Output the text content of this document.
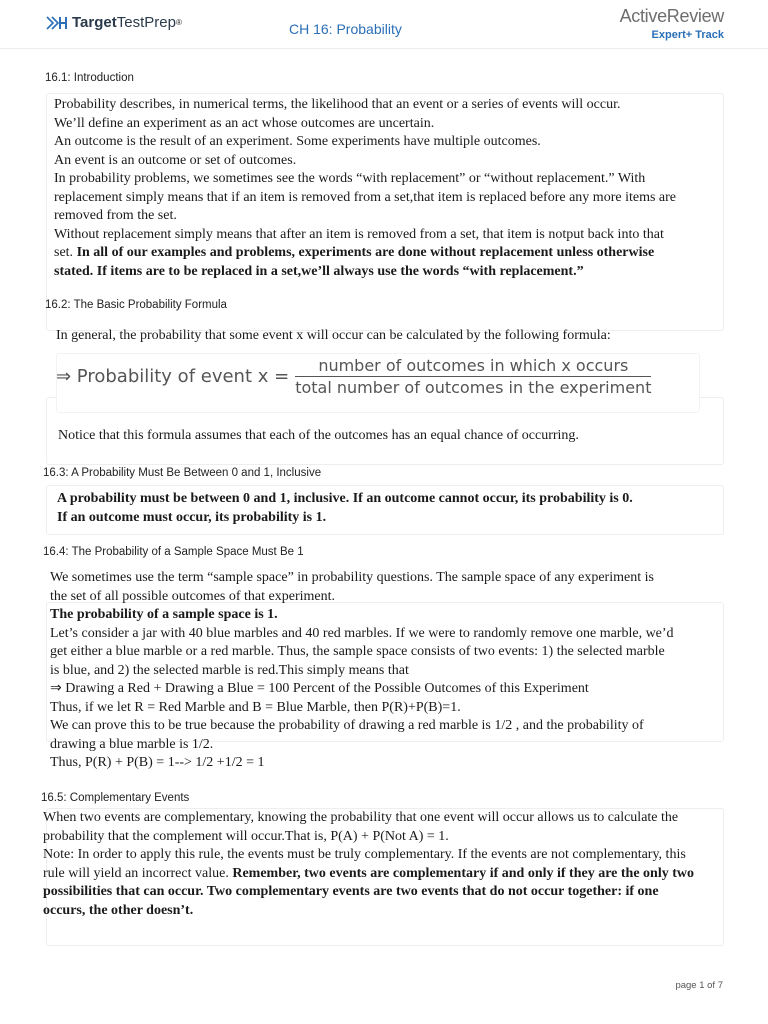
Target TestPrep ®	CH 16: Probability
ActiveReview
Expert+ Track
16.1: Introduction
Probability describes, in numerical terms, the likelihood that an event or a series of events will occur.
We’ll define an experiment as an act whose outcomes are uncertain.
An outcome is the result of an experiment. Some experiments have multiple outcomes.
An event is an outcome or set of outcomes.
In probability problems, we sometimes see the words “with replacement” or “without replacement.” With
replacement simply means that if an item is removed from a set,that item is replaced before any more items are
removed from the set.
Without replacement simply means that after an item is removed from a set, that item is notput back into that
set. In all of our examples and problems, experiments are done without replacement unless otherwise
stated. If items are to be replaced in a set,we’ll always use the words “with replacement.”
16.2: The Basic Probability Formula
In general, the probability that some event x will occur can be calculated by the following formula:
⇒ Probability of event $x = \frac{\text{number of outcomes in which x occurs}}{\text{total number of outcomes in the experiment}}$
Notice that this formula assumes that each of the outcomes has an equal chance of occurring.
16.3: A Probability Must Be Between 0 and 1, Inclusive
A probability must be between 0 and 1, inclusive. If an outcome cannot occur, its probability is 0.
If an outcome must occur, its probability is 1.
16.4: The Probability of a Sample Space Must Be 1
We sometimes use the term “sample space” in probability questions. The sample space of any experiment is
the set of all possible outcomes of that experiment.
The probability of a sample space is 1.
Let’s consider a jar with 40 blue marbles and 40 red marbles. If we were to randomly remove one marble, we’d
get either a blue marble or a red marble. Thus, the sample space consists of two events: 1) the selected marble
is blue, and 2) the selected marble is red.This simply means that
⇒ Drawing a Red + Drawing a Blue = 100 Percent of the Possible Outcomes of this Experiment
Thus, if we let R = Red Marble and B = Blue Marble, then P(R)+P(B)=1.
We can prove this to be true because the probability of drawing a red marble is 1/2 , and the probability of
drawing a blue marble is 1/2.
Thus, P(R) + P(B) = 1--> 1/2 +1/2 = 1
16.5: Complementary Events
When two events are complementary, knowing the probability that one event will occur allows us to calculate the
probability that the complement will occur.That is, P(A) + P(Not A) = 1.
Note: In order to apply this rule, the events must be truly complementary. If the events are not complementary, this
rule will yield an incorrect value. Remember, two events are complementary if and only if they are the only two
possibilities that can occur. Two complementary events are two events that do not occur together: if one
occurs, the other doesn’t.
page 1 of 7
